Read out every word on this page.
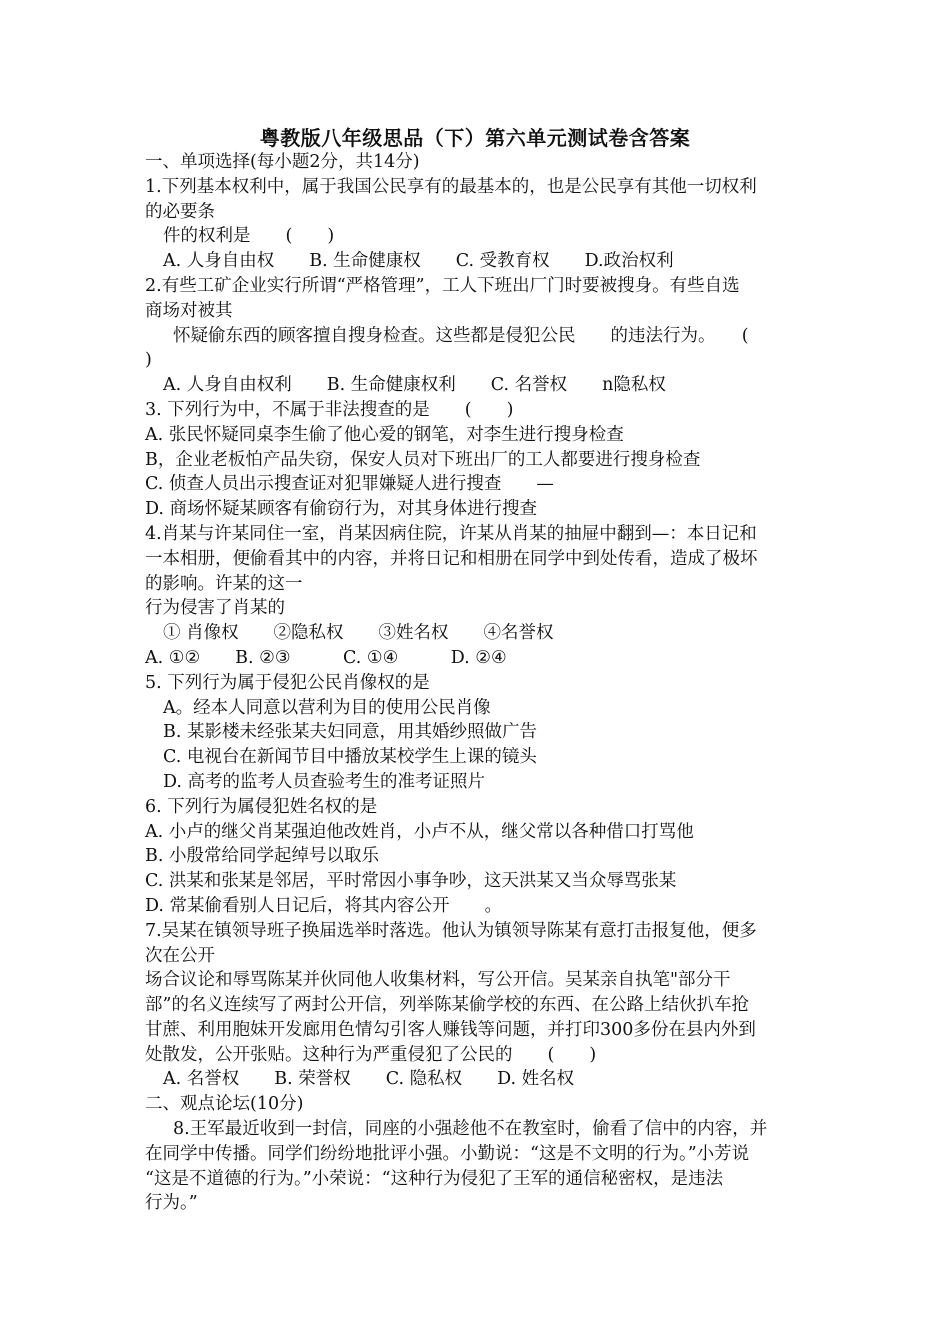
粤教版八年级思品（下）第六单元测试卷含答案
一、单项选择(每小题2分，共14分)
1.下列基本权利中，属于我国公民享有的最基本的，也是公民享有其他一切权利
的必要条
件的权利是　　(　　)
A. 人身自由权　　B. 生命健康权　　C. 受教育权　　D.政治权利
2.有些工矿企业实行所谓“严格管理”，工人下班出厂门时要被搜身。有些自选
商场对被其
怀疑偷东西的顾客擅自搜身检查。这些都是侵犯公民　　的违法行为。　　(
)
A. 人身自由权利　　B. 生命健康权利　　C. 名誉权　　n隐私权
3. 下列行为中，不属于非法搜查的是　　(　　)
A. 张民怀疑同桌李生偷了他心爱的钢笔，对李生进行搜身检查
B，企业老板怕产品失窃，保安人员对下班出厂的工人都要进行搜身检查
C. 侦查人员出示搜查证对犯罪嫌疑人进行搜查　　—
D. 商场怀疑某顾客有偷窃行为，对其身体进行搜查
4.肖某与许某同住一室，肖某因病住院，许某从肖某的抽屉中翻到—：本日记和
一本相册，便偷看其中的内容，并将日记和相册在同学中到处传看，造成了极坏
的影响。许某的这一
行为侵害了肖某的
① 肖像权　　②隐私权　　③姓名权　　④名誉权
A. ①②　　B. ②③　　　C. ①④　　　D. ②④
5. 下列行为属于侵犯公民肖像权的是
A。经本人同意以营利为目的使用公民肖像
B. 某影楼未经张某夫妇同意，用其婚纱照做广告
C. 电视台在新闻节目中播放某校学生上课的镜头
D. 高考的监考人员查验考生的准考证照片
6. 下列行为属侵犯姓名权的是
A. 小卢的继父肖某强迫他改姓肖，小卢不从，继父常以各种借口打骂他
B. 小殷常给同学起绰号以取乐
C. 洪某和张某是邻居，平时常因小事争吵，这天洪某又当众辱骂张某
D. 常某偷看别人日记后，将其内容公开　　。
7.吴某在镇领导班子换届选举时落选。他认为镇领导陈某有意打击报复他，便多
次在公开
场合议论和辱骂陈某并伙同他人收集材料，写公开信。吴某亲自执笔"部分干
部”的名义连续写了两封公开信，列举陈某偷学校的东西、在公路上结伙扒车抢
甘蔗、利用胞妹开发廊用色情勾引客人赚钱等问题，并打印300多份在县内外到
处散发，公开张贴。这种行为严重侵犯了公民的　　(　　)
A. 名誉权　　B. 荣誉权　　C. 隐私权　　D. 姓名权
二、观点论坛(10分)
8.王军最近收到一封信，同座的小强趁他不在教室时，偷看了信中的内容，并
在同学中传播。同学们纷纷地批评小强。小勤说：“这是不文明的行为。”小芳说
“这是不道德的行为。”小荣说：“这种行为侵犯了王军的通信秘密权，是违法
行为。”
